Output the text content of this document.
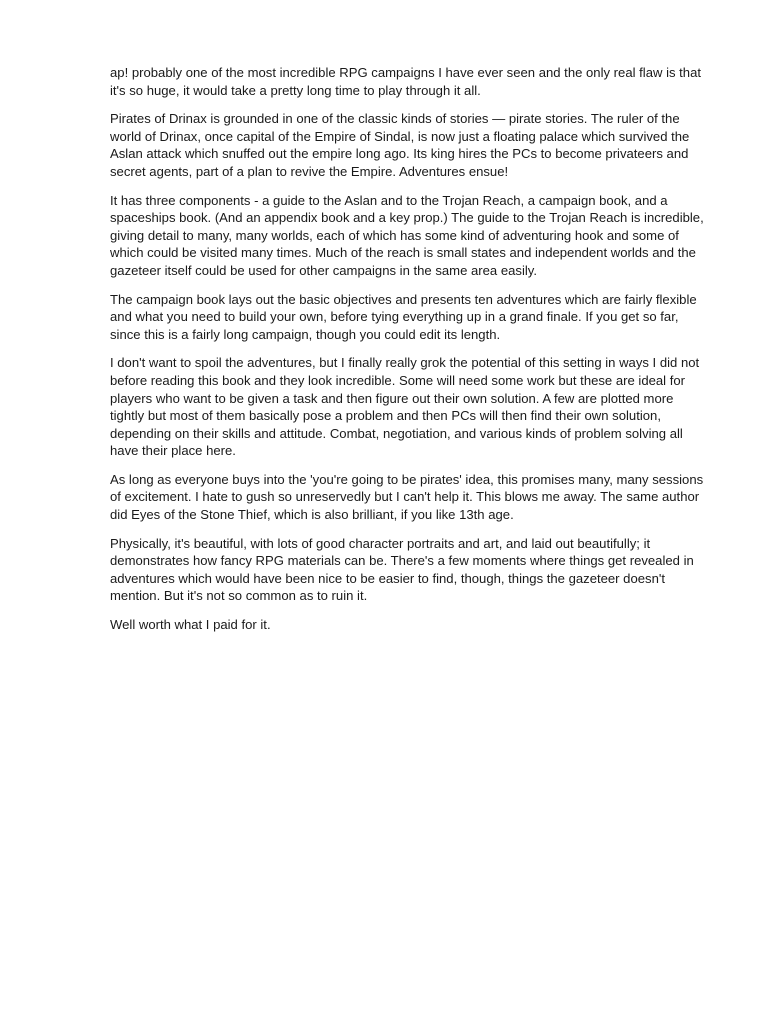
ap! probably one of the most incredible RPG campaigns I have ever seen and the only real flaw is that it's so huge, it would take a pretty long time to play through it all.

Pirates of Drinax is grounded in one of the classic kinds of stories — pirate stories. The ruler of the world of Drinax, once capital of the Empire of Sindal, is now just a floating palace which survived the Aslan attack which snuffed out the empire long ago. Its king hires the PCs to become privateers and secret agents, part of a plan to revive the Empire. Adventures ensue!

It has three components - a guide to the Aslan and to the Trojan Reach, a campaign book, and a spaceships book. (And an appendix book and a key prop.) The guide to the Trojan Reach is incredible, giving detail to many, many worlds, each of which has some kind of adventuring hook and some of which could be visited many times. Much of the reach is small states and independent worlds and the gazeteer itself could be used for other campaigns in the same area easily.

The campaign book lays out the basic objectives and presents ten adventures which are fairly flexible and what you need to build your own, before tying everything up in a grand finale. If you get so far, since this is a fairly long campaign, though you could edit its length.

I don't want to spoil the adventures, but I finally really grok the potential of this setting in ways I did not before reading this book and they look incredible. Some will need some work but these are ideal for players who want to be given a task and then figure out their own solution. A few are plotted more tightly but most of them basically pose a problem and then PCs will then find their own solution, depending on their skills and attitude. Combat, negotiation, and various kinds of problem solving all have their place here.

As long as everyone buys into the 'you're going to be pirates' idea, this promises many, many sessions of excitement. I hate to gush so unreservedly but I can't help it. This blows me away. The same author did Eyes of the Stone Thief, which is also brilliant, if you like 13th age.

Physically, it's beautiful, with lots of good character portraits and art, and laid out beautifully; it demonstrates how fancy RPG materials can be. There's a few moments where things get revealed in adventures which would have been nice to be easier to find, though, things the gazeteer doesn't mention. But it's not so common as to ruin it.

Well worth what I paid for it.
